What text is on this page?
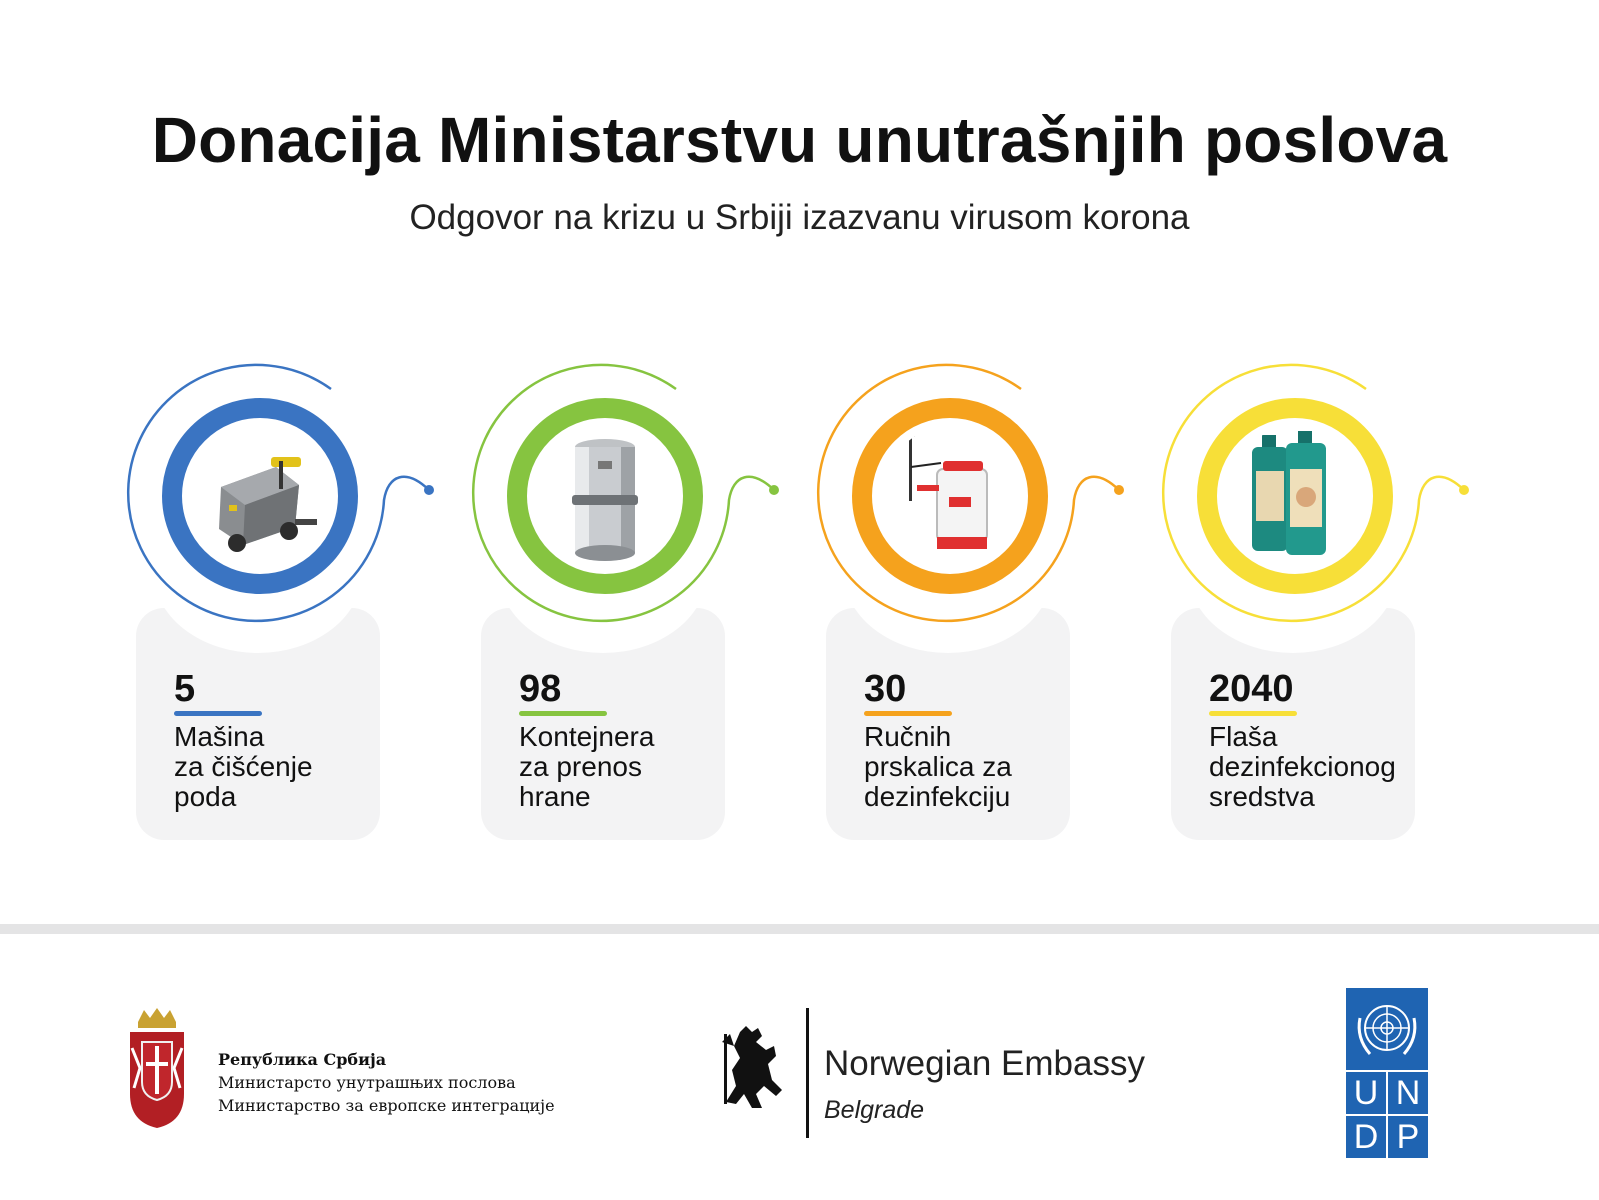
Donacija Ministarstvu unutrašnjih poslova
Odgovor na krizu u Srbiji izazvanu virusom korona
5
Mašina
za čišćenje
poda
98
Kontejnera
za prenos
hrane
30
Ručnih
prskalica za
dezinfekciju
2040
Flaša
dezinfekcionog
sredstva
Република Србија
Министарсто унутрашњих послова
Министарство за европске интеграције
Norwegian Embassy
Belgrade	U N
D P
